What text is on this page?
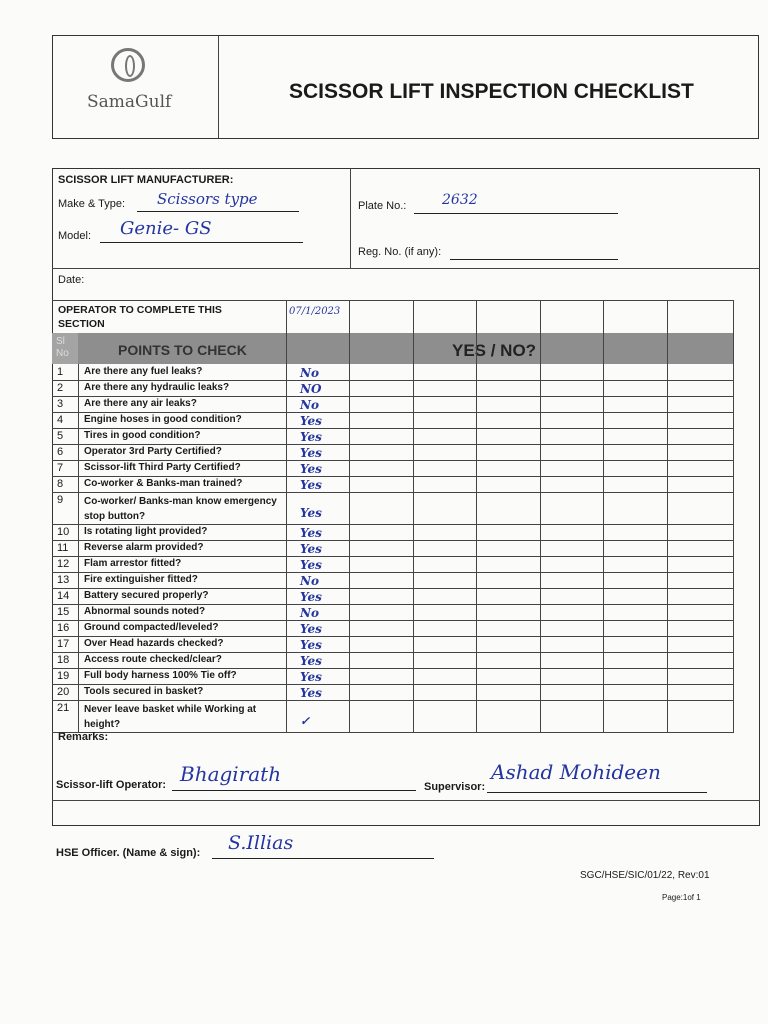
SamaGulf	SCISSOR LIFT INSPECTION CHECKLIST
SCISSOR LIFT MANUFACTURER:
Make & Type: Scissors type
Model: Genie- GS
Plate No.:	2632
Reg. No. (if any):
Date:
OPERATOR TO COMPLETE THIS SECTION
07/1/2023
Sl No	POINTS TO CHECK	YES / NO?
1 Are there any fuel leaks?	No
2 Are there any hydraulic leaks?	NO
3 Are there any air leaks?	No
4 Engine hoses in good condition?	Yes
5 Tires in good condition?	Yes
6 Operator 3rd Party Certified?	Yes
7 Scissor-lift Third Party Certified?	Yes
8 Co-worker & Banks-man trained?	Yes
9 Co-worker/ Banks-man know emergency stop button?	Yes
10 Is rotating light provided?	Yes
11 Reverse alarm provided?	Yes
12 Flam arrestor fitted?	Yes
13 Fire extinguisher fitted?	No
14 Battery secured properly?	Yes
15 Abnormal sounds noted?	No
16 Ground compacted/leveled?	Yes
17 Over Head hazards checked?	Yes
18 Access route checked/clear?	Yes
19 Full body harness 100% Tie off?	Yes
20 Tools secured in basket?	Yes
21 Never leave basket while Working at height?	✓
Remarks:
Scissor-lift Operator: Bhagirath
Supervisor:
Ashad Mohideen
HSE Officer. (Name & sign): S.Illias
SGC/HSE/SIC/01/22, Rev:01
Page:1of 1
